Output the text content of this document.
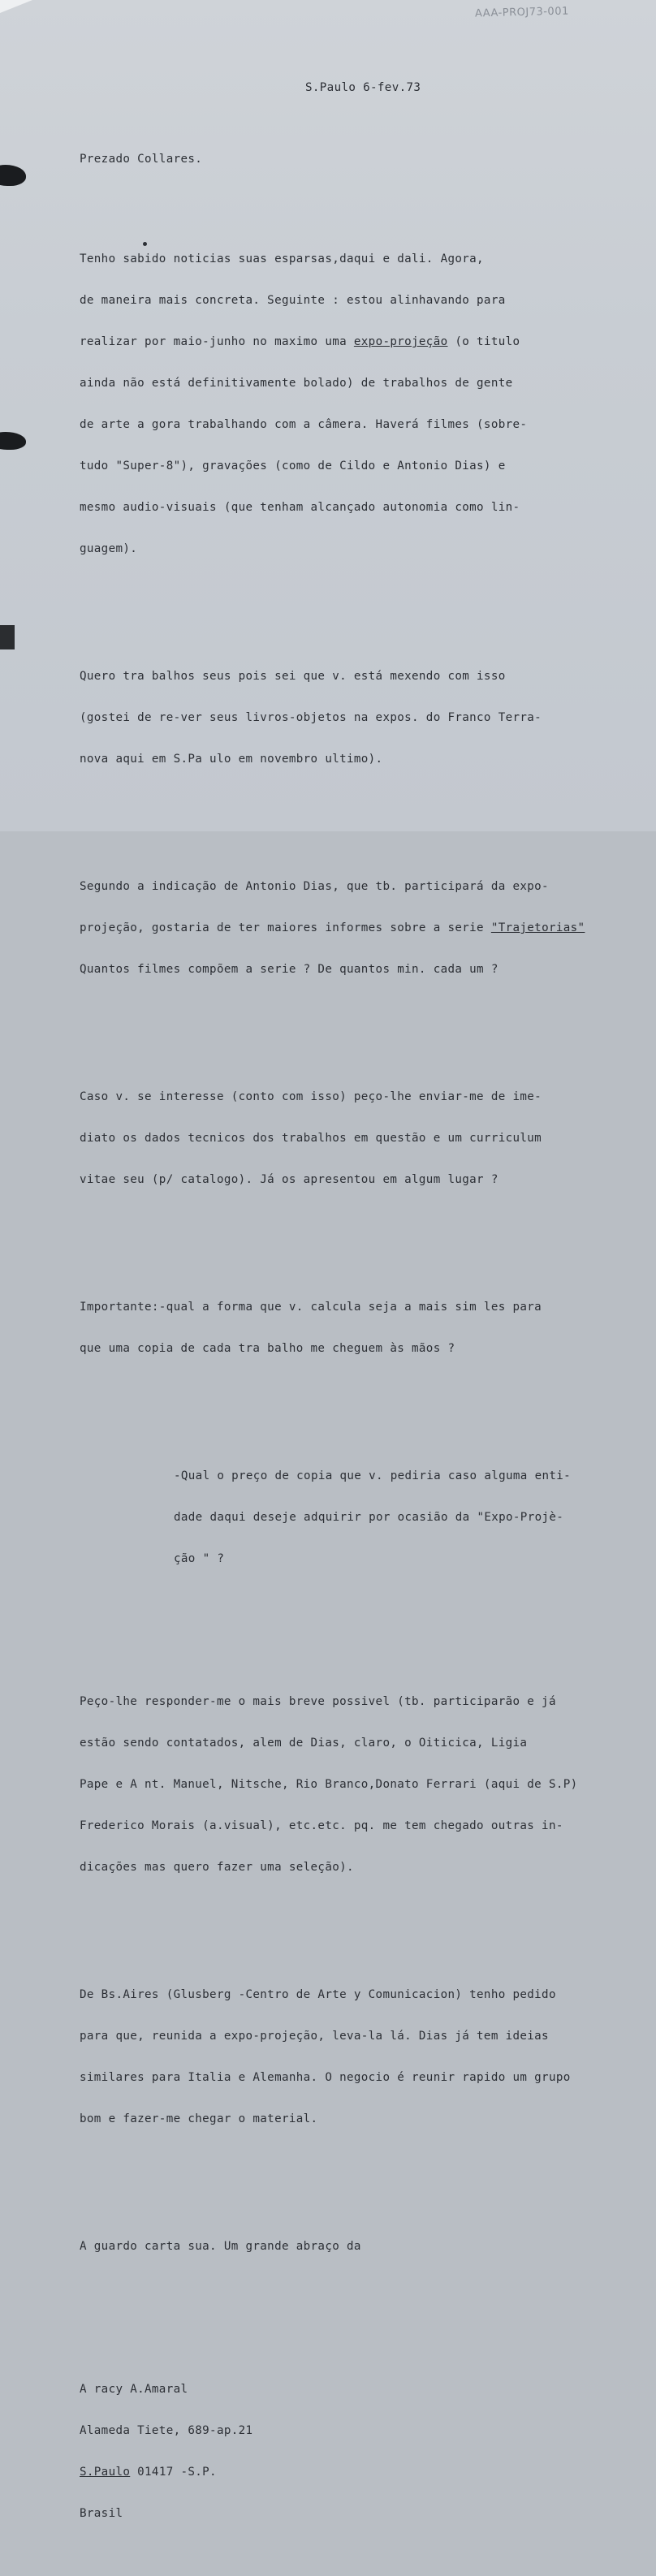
AAA-PROJ73-001

S.Paulo 6-fev.73

Prezado Collares.

Tenho sabido noticias suas esparsas,daqui e dali. Agora,

de maneira mais concreta. Seguinte : estou alinhavando para

realizar por maio-junho no maximo uma expo-projeção (o titulo

ainda não está definitivamente bolado) de trabalhos de gente

de arte a gora trabalhando com a câmera. Haverá filmes (sobre-

tudo "Super-8"), gravações (como de Cildo e Antonio Dias) e

mesmo audio-visuais (que tenham alcançado autonomia como lin-

guagem).

Quero tra balhos seus pois sei que v. está mexendo com isso

(gostei de re-ver seus livros-objetos na expos. do Franco Terra-

nova aqui em S.Pa ulo em novembro ultimo).

Segundo a indicação de Antonio Dias, que tb. participará da expo-

projeção, gostaria de ter maiores informes sobre a serie "Trajetorias"

Quantos filmes compõem a serie ? De quantos min. cada um ?

Caso v. se interesse (conto com isso) peço-lhe enviar-me de ime-

diato os dados tecnicos dos trabalhos em questão e um curriculum

vitae seu (p/ catalogo). Já os apresentou em algum lugar ?

Importante:-qual a forma que v. calcula seja a mais sim les para

que uma copia de cada tra balho me cheguem às mãos ?

-Qual o preço de copia que v. pediria caso alguma enti-

dade daqui deseje adquirir por ocasião da "Expo-Projè-

ção " ?

Peço-lhe responder-me o mais breve possivel (tb. participarão e já

estão sendo contatados, alem de Dias, claro, o Oiticica, Ligia

Pape e A nt. Manuel, Nitsche, Rio Branco,Donato Ferrari (aqui de S.P)

Frederico Morais (a.visual), etc.etc. pq. me tem chegado outras in-

dicações mas quero fazer uma seleção).

De Bs.Aires (Glusberg -Centro de Arte y Comunicacion) tenho pedido

para que, reunida a expo-projeção, leva-la lá. Dias já tem ideias

similares para Italia e Alemanha. O negocio é reunir rapido um grupo

bom e fazer-me chegar o material.

A guardo carta sua. Um grande abraço da

A racy A.Amaral

Alameda Tiete, 689-ap.21

S.Paulo 01417 -S.P.

Brasil
